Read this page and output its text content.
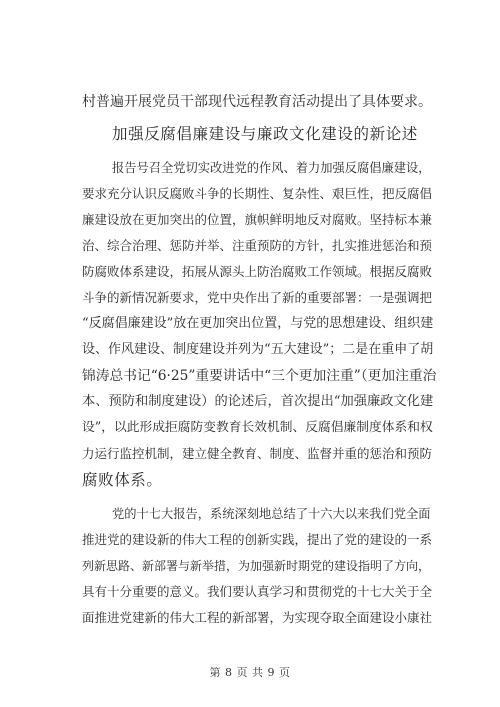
村普遍开展党员干部现代远程教育活动提出了具体要求。
加强反腐倡廉建设与廉政文化建设的新论述
报告号召全党切实改进党的作风、着力加强反腐倡廉建设，
要求充分认识反腐败斗争的长期性、复杂性、艰巨性，把反腐倡
廉建设放在更加突出的位置，旗帜鲜明地反对腐败。坚持标本兼
治、综合治理、惩防并举、注重预防的方针，扎实推进惩治和预
防腐败体系建设，拓展从源头上防治腐败工作领域。根据反腐败
斗争的新情况新要求，党中央作出了新的重要部署：一是强调把
“反腐倡廉建设”放在更加突出位置，与党的思想建设、组织建
设、作风建设、制度建设并列为“五大建设”；二是在重申了胡
锦涛总书记“6·25”重要讲话中“三个更加注重”（更加注重治
本、预防和制度建设）的论述后，首次提出“加强廉政文化建
设”，以此形成拒腐防变教育长效机制、反腐倡廉制度体系和权
力运行监控机制，建立健全教育、制度、监督并重的惩治和预防
腐败体系。
党的十七大报告，系统深刻地总结了十六大以来我们党全面
推进党的建设新的伟大工程的创新实践，提出了党的建设的一系
列新思路、新部署与新举措，为加强新时期党的建设指明了方向，
具有十分重要的意义。我们要认真学习和贯彻党的十七大关于全
面推进党建新的伟大工程的新部署，为实现夺取全面建设小康社
第 8 页 共 9 页
